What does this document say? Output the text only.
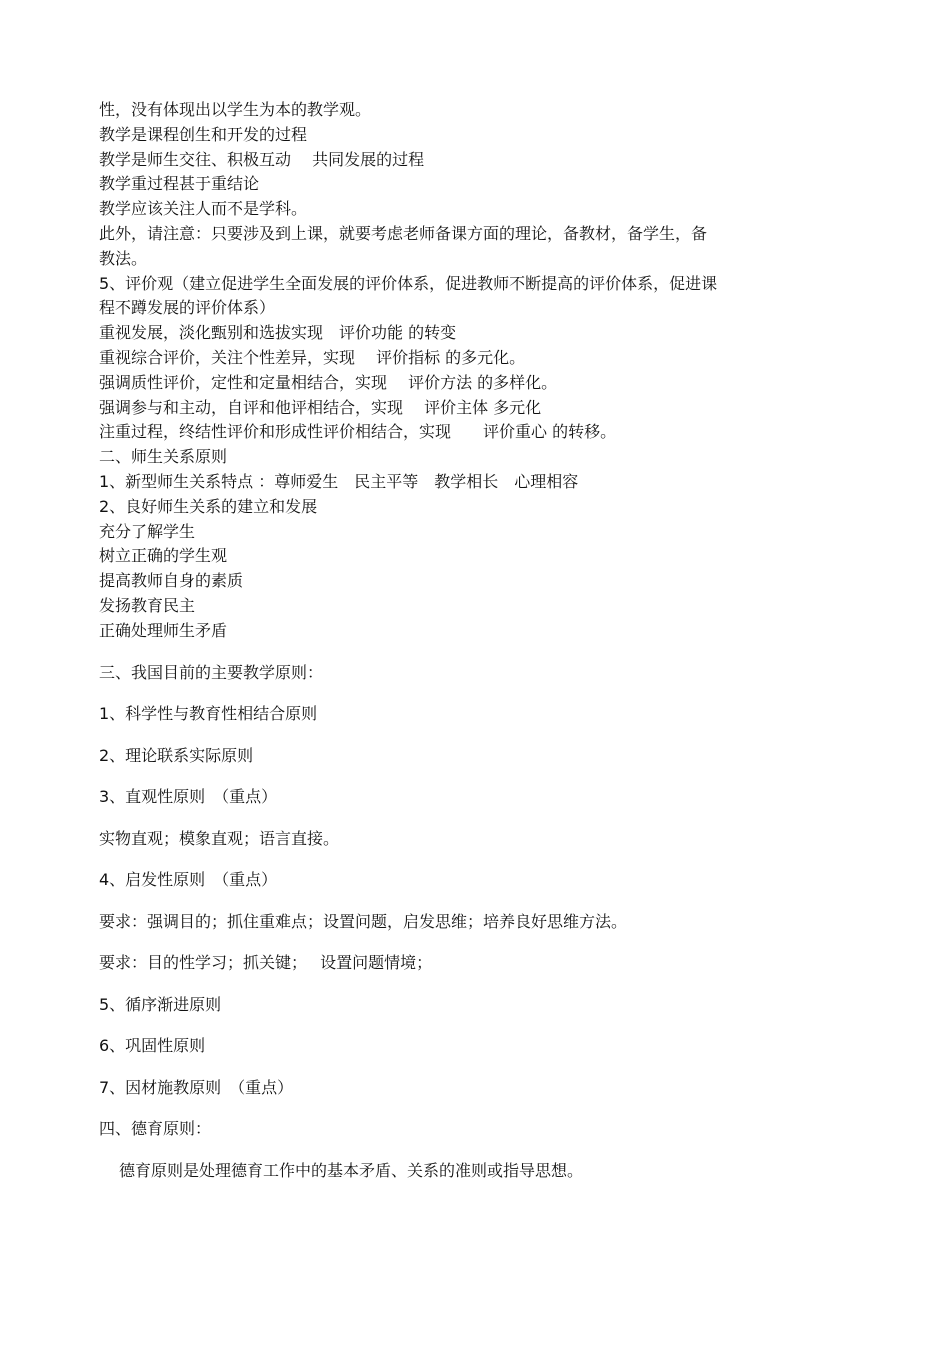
性，没有体现出以学生为本的教学观。

教学是课程创生和开发的过程

教学是师生交往、积极互动　 共同发展的过程

教学重过程甚于重结论

教学应该关注人而不是学科。

此外，请注意：只要涉及到上课，就要考虑老师备课方面的理论，备教材，备学生，备

教法。

5、评价观（建立促进学生全面发展的评价体系，促进教师不断提高的评价体系，促进课

程不蹲发展的评价体系）

重视发展，淡化甄别和选拔实现　评价功能 的转变

重视综合评价，关注个性差异，实现　 评价指标 的多元化。

强调质性评价，定性和定量相结合，实现　 评价方法 的多样化。

强调参与和主动，自评和他评相结合，实现　 评价主体 多元化

注重过程，终结性评价和形成性评价相结合，实现　　评价重心 的转移。

二、师生关系原则

1、新型师生关系特点 ：尊师爱生　民主平等　教学相长　心理相容

2、良好师生关系的建立和发展

充分了解学生

树立正确的学生观

提高教师自身的素质

发扬教育民主

正确处理师生矛盾

三、我国目前的主要教学原则：
1、科学性与教育性相结合原则
2、理论联系实际原则
3、直观性原则　（重点）
实物直观；模象直观；语言直接。
4、启发性原则　（重点）
要求：强调目的；抓住重难点；设置问题，启发思维；培养良好思维方法。
要求：目的性学习；抓关键；　 设置问题情境；
5、循序渐进原则
6、巩固性原则
7、因材施教原则　（重点）
四、德育原则：
德育原则是处理德育工作中的基本矛盾、关系的准则或指导思想。
